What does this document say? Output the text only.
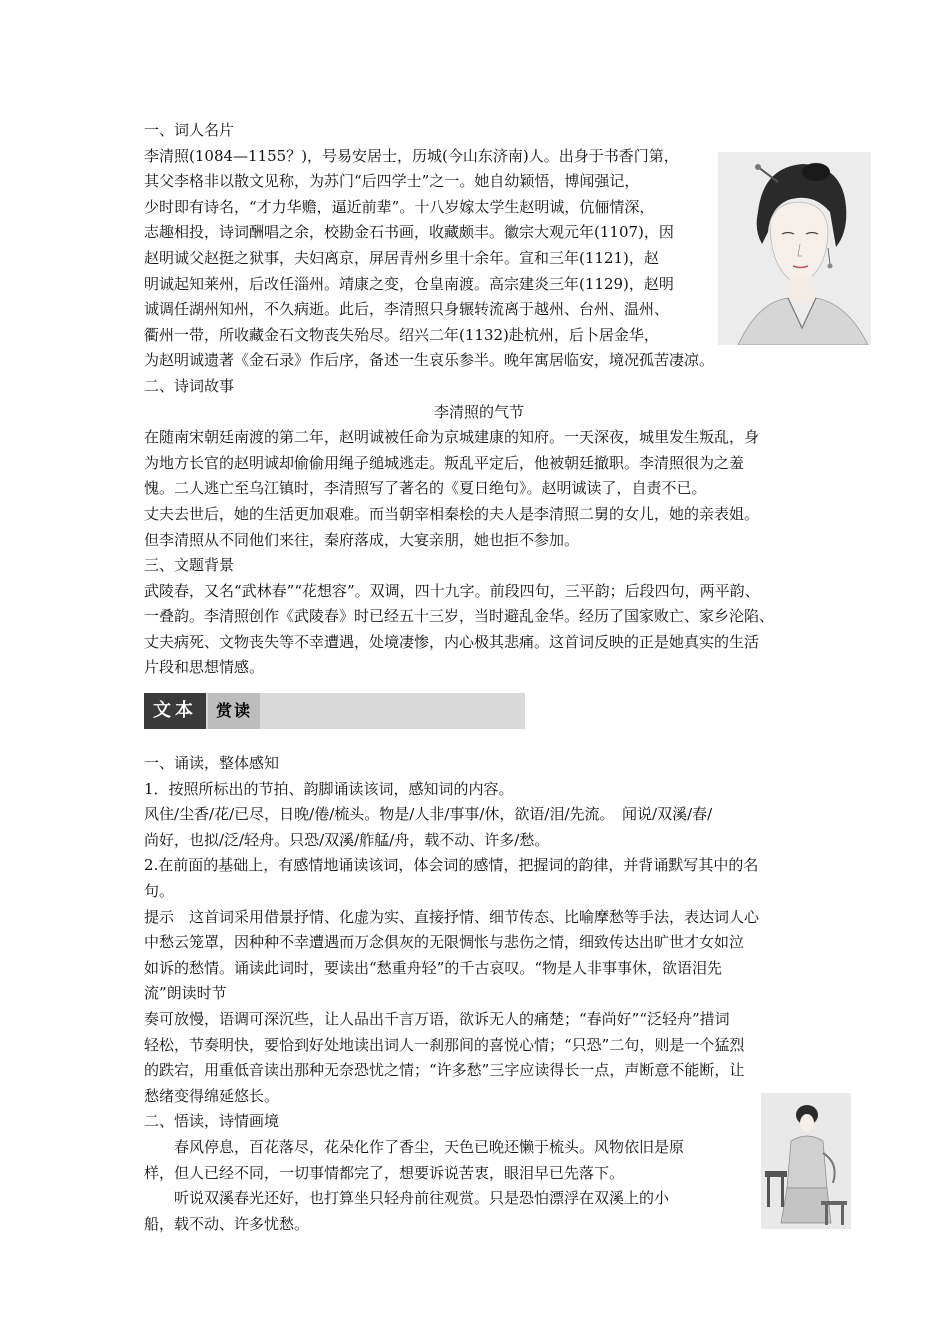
一、词人名片
李清照(1084—1155？)，号易安居士，历城(今山东济南)人。出身于书香门第，
其父李格非以散文见称，为苏门“后四学士”之一。她自幼颖悟，博闻强记，
少时即有诗名，“才力华赡，逼近前辈”。十八岁嫁太学生赵明诚，伉俪情深，
志趣相投，诗词酬唱之余，校勘金石书画，收藏颇丰。徽宗大观元年(1107)，因
赵明诚父赵挺之狱事，夫妇离京，屏居青州乡里十余年。宣和三年(1121)，赵
明诚起知莱州，后改任淄州。靖康之变，仓皇南渡。高宗建炎三年(1129)，赵明
诚调任湖州知州，不久病逝。此后，李清照只身辗转流离于越州、台州、温州、
衢州一带，所收藏金石文物丧失殆尽。绍兴二年(1132)赴杭州，后卜居金华，
为赵明诚遗著《金石录》作后序，备述一生哀乐参半。晚年寓居临安，境况孤苦凄凉。
二、诗词故事
李清照的气节
在随南宋朝廷南渡的第二年，赵明诚被任命为京城建康的知府。一天深夜，城里发生叛乱，身
为地方长官的赵明诚却偷偷用绳子缒城逃走。叛乱平定后，他被朝廷撤职。李清照很为之羞
愧。二人逃亡至乌江镇时，李清照写了著名的《夏日绝句》。赵明诚读了，自责不已。
丈夫去世后，她的生活更加艰难。而当朝宰相秦桧的夫人是李清照二舅的女儿，她的亲表姐。
但李清照从不同他们来往，秦府落成，大宴亲朋，她也拒不参加。
三、文题背景
武陵春，又名“武林春”“花想容”。双调，四十九字。前段四句，三平韵；后段四句，两平韵、
一叠韵。李清照创作《武陵春》时已经五十三岁，当时避乱金华。经历了国家败亡、家乡沦陷、
丈夫病死、文物丧失等不幸遭遇，处境凄惨，内心极其悲痛。这首词反映的正是她真实的生活
片段和思想情感。
文本	赏读
一、诵读，整体感知
1．按照所标出的节拍、韵脚诵读该词，感知词的内容。
风住/尘香/花/已尽，日晚/倦/梳头。物是/人非/事事/休，欲语/泪/先流。　闻说/双溪/春/
尚好，也拟/泛/轻舟。只恐/双溪/舴艋/舟，载不动、许多/愁。
2.在前面的基础上，有感情地诵读该词，体会词的感情，把握词的韵律，并背诵默写其中的名
句。
提示　这首词采用借景抒情、化虚为实、直接抒情、细节传态、比喻摩愁等手法，表达词人心
中愁云笼罩，因种种不幸遭遇而万念俱灰的无限惆怅与悲伤之情，细致传达出旷世才女如泣
如诉的愁情。诵读此词时，要读出“愁重舟轻”的千古哀叹。“物是人非事事休，欲语泪先
流”朗读时节
奏可放慢，语调可深沉些，让人品出千言万语，欲诉无人的痛楚；“春尚好”“泛轻舟”措词
轻松，节奏明快，要恰到好处地读出词人一刹那间的喜悦心情；“只恐”二句，则是一个猛烈
的跌宕，用重低音读出那种无奈恐忧之情；“许多愁”三字应读得长一点，声断意不能断，让
愁绪变得绵延悠长。
二、悟读，诗情画境
春风停息，百花落尽，花朵化作了香尘，天色已晚还懒于梳头。风物依旧是原
样，但人已经不同，一切事情都完了，想要诉说苦衷，眼泪早已先落下。
听说双溪春光还好，也打算坐只轻舟前往观赏。只是恐怕漂浮在双溪上的小
船，载不动、许多忧愁。
